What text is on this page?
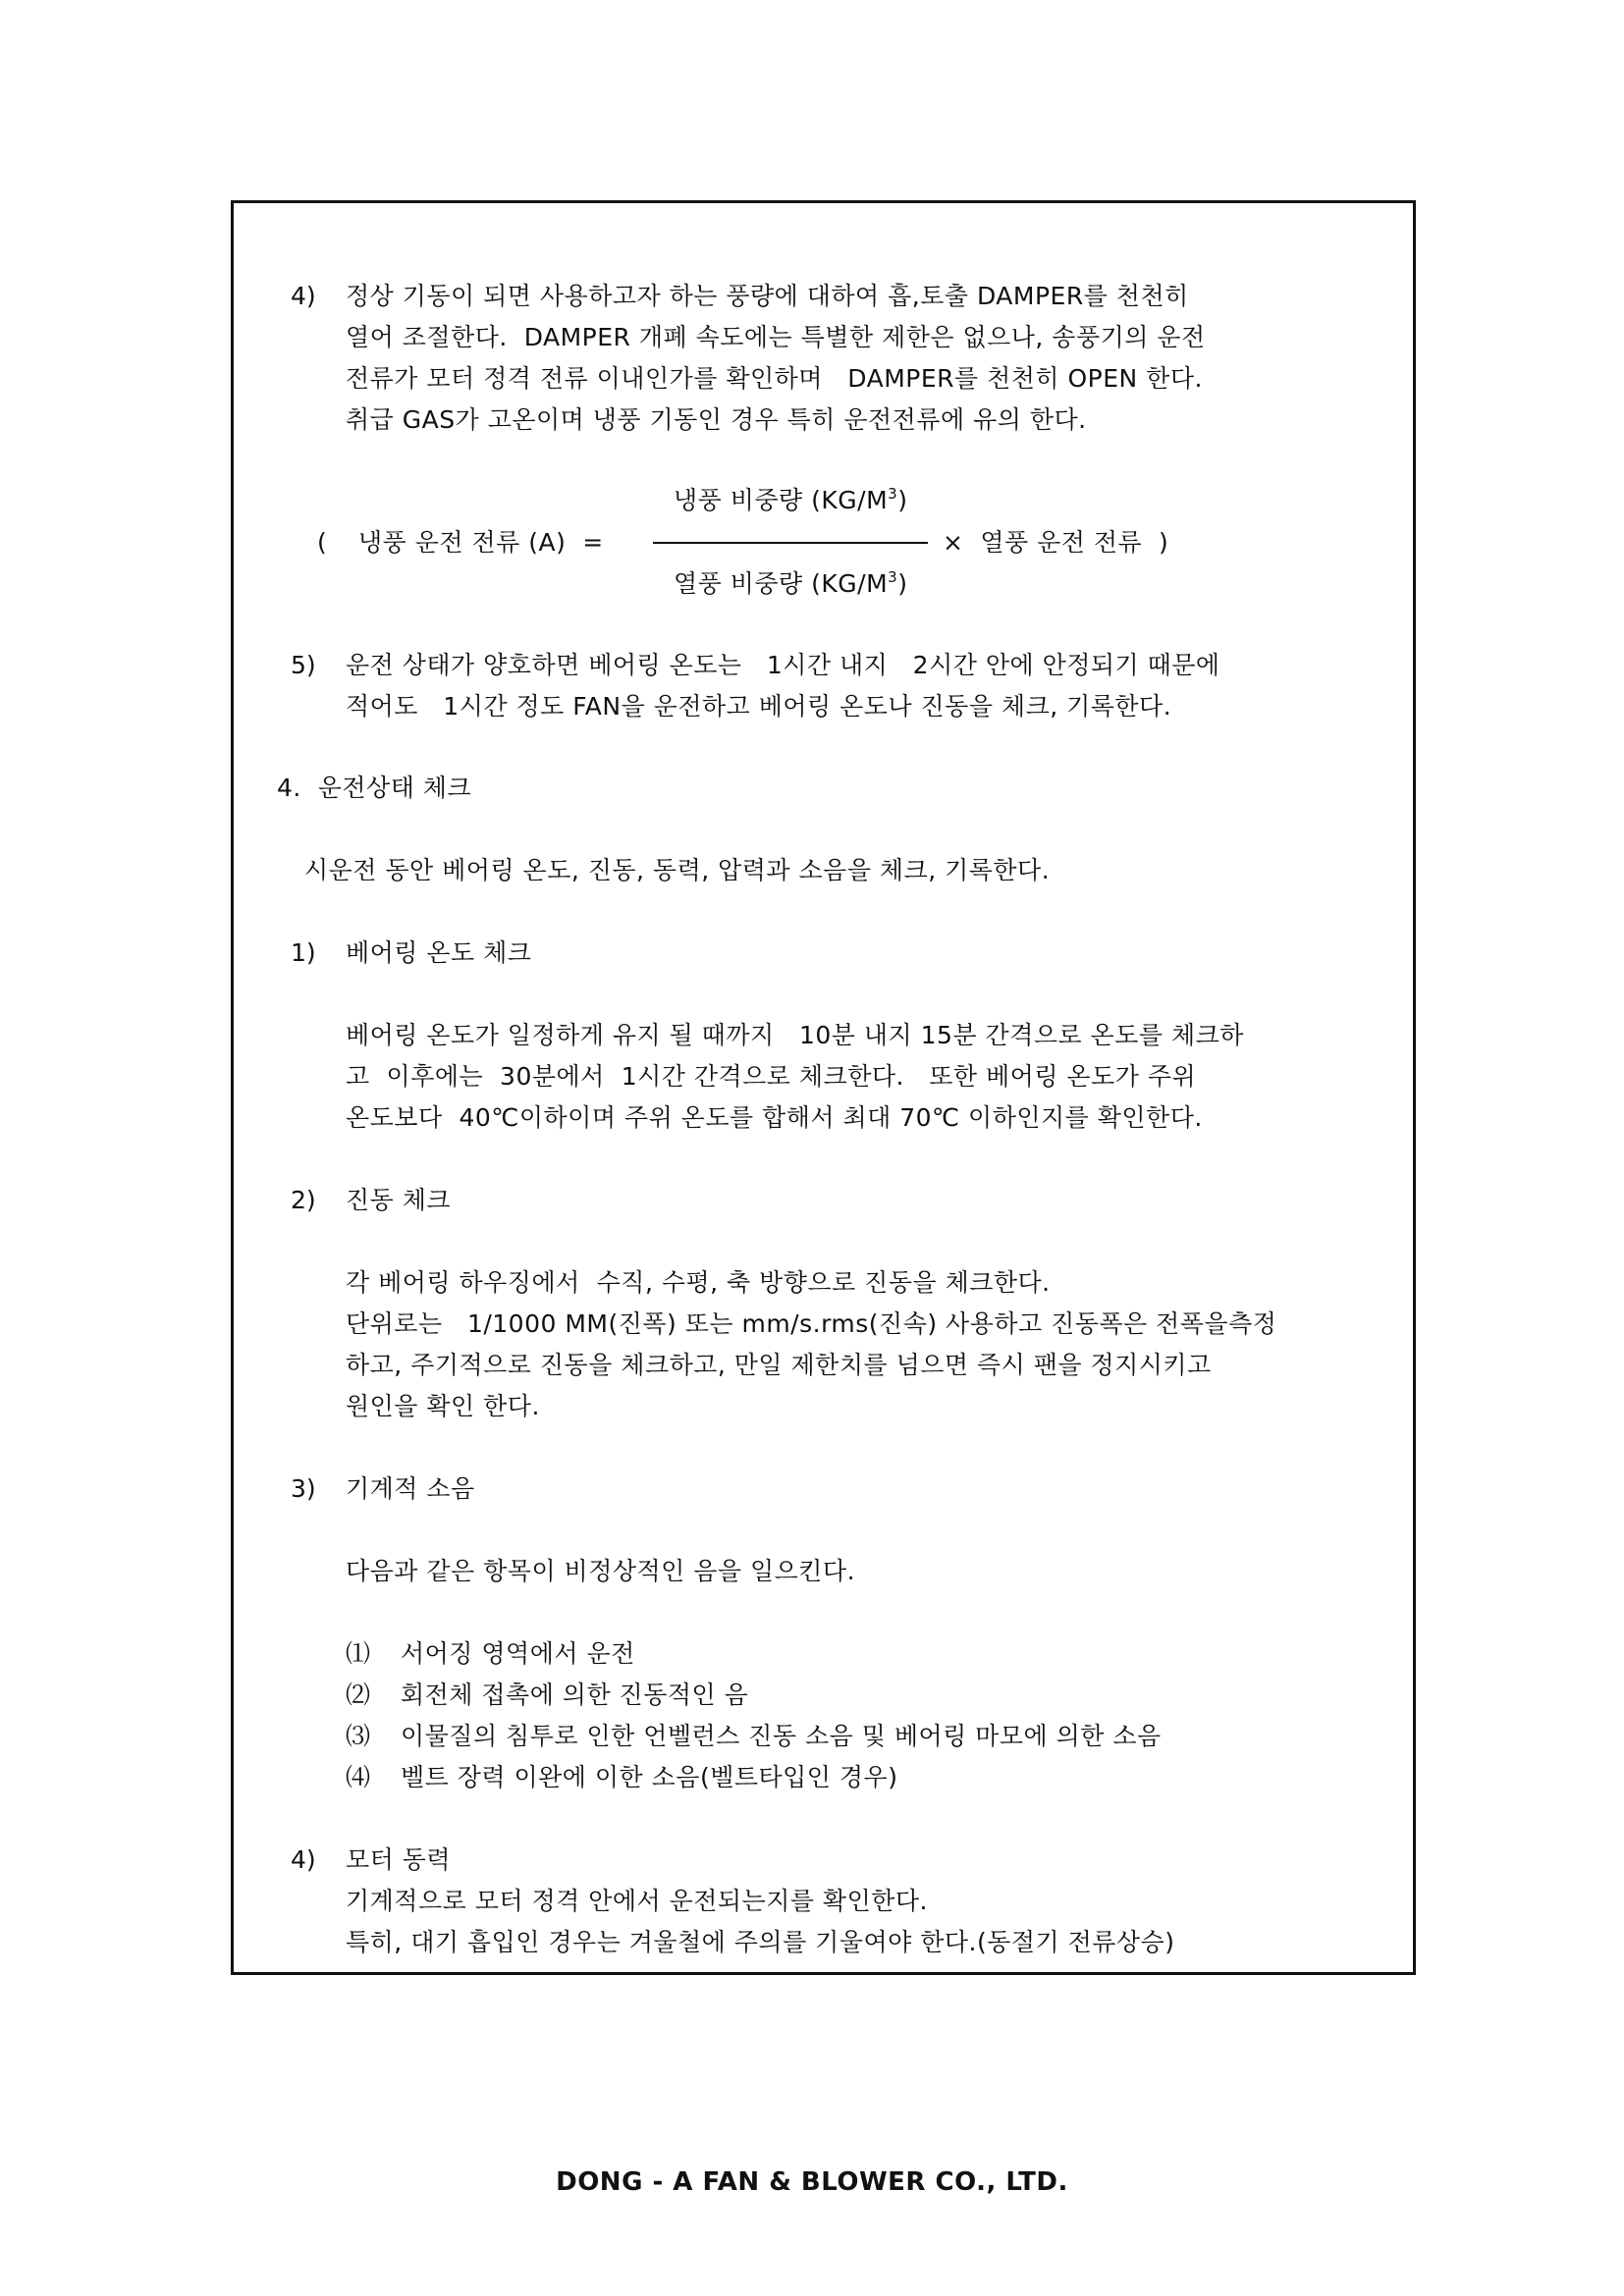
4) 정상 기동이 되면 사용하고자 하는 풍량에 대하여 흡,토출 DAMPER를 천천히
열어 조절한다.  DAMPER 개폐 속도에는 특별한 제한은 없으나, 송풍기의 운전
전류가 모터 정격 전류 이내인가를 확인하며   DAMPER를 천천히 OPEN 한다.
취급 GAS가 고온이며 냉풍 기동인 경우 특히 운전전류에 유의 한다.
( 냉풍 운전 전류 (A)  =
냉풍 비중량 $(KG/M^3)$
열풍 비중량 $(KG/M^3)$
×  열풍 운전 전류  )
5) 운전 상태가 양호하면 베어링 온도는   1시간 내지   2시간 안에 안정되기 때문에
적어도   1시간 정도 FAN을 운전하고 베어링 온도나 진동을 체크, 기록한다.
4.  운전상태 체크
시운전 동안 베어링 온도, 진동, 동력, 압력과 소음을 체크, 기록한다.
1) 베어링 온도 체크
베어링 온도가 일정하게 유지 될 때까지   10분 내지 15분 간격으로 온도를 체크하
고  이후에는  30분에서  1시간 간격으로 체크한다.   또한 베어링 온도가 주위
온도보다  40℃이하이며 주위 온도를 합해서 최대 70℃ 이하인지를 확인한다.
2) 진동 체크
각 베어링 하우징에서  수직, 수평, 축 방향으로 진동을 체크한다.
단위로는   1/1000 MM(진폭) 또는 mm/s.rms(진속) 사용하고 진동폭은 전폭을측정
하고, 주기적으로 진동을 체크하고, 만일 제한치를 넘으면 즉시 팬을 정지시키고
원인을 확인 한다.
3) 기계적 소음
다음과 같은 항목이 비정상적인 음을 일으킨다.
⑴ 서어징 영역에서 운전
⑵ 회전체 접촉에 의한 진동적인 음
⑶ 이물질의 침투로 인한 언벨런스 진동 소음 및 베어링 마모에 의한 소음
⑷ 벨트 장력 이완에 이한 소음(벨트타입인 경우)
4) 모터 동력
기계적으로 모터 정격 안에서 운전되는지를 확인한다.
특히, 대기 흡입인 경우는 겨울철에 주의를 기울여야 한다.(동절기 전류상승)
DONG - A FAN & BLOWER CO., LTD.
